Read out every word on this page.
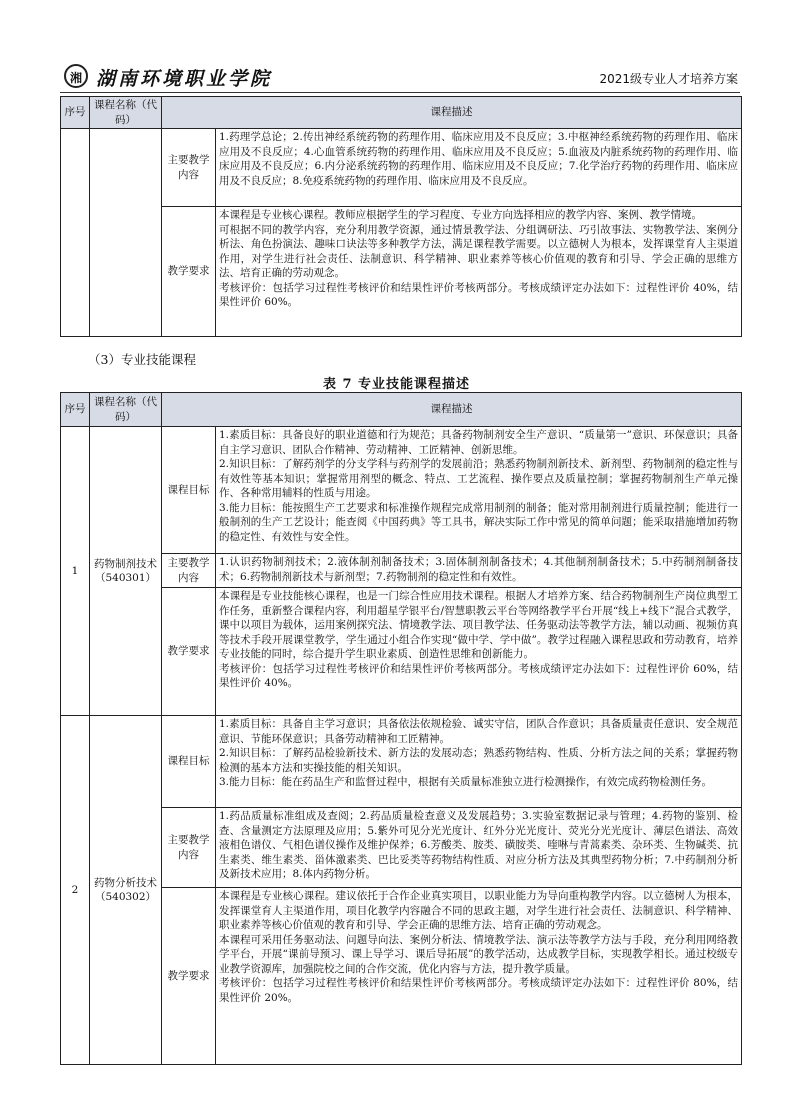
湘 湖南环境职业学院	2021级专业人才培养方案
序号	课程名称（代码）	课程描述	
		主要教学内容	1.药理学总论；2.传出神经系统药物的药理作用、临床应用及不良反应；3.中枢神经系统药物的药理作用、临床应用及不良反应；4.心血管系统药物的药理作用、临床应用及不良反应；5.血液及内脏系统药物的药理作用、临床应用及不良反应；6.内分泌系统药物的药理作用、临床应用及不良反应；7.化学治疗药物的药理作用、临床应用及不良反应；8.免疫系统药物的药理作用、临床应用及不良反应。

		教学要求	本课程是专业核心课程。教师应根据学生的学习程度、专业方向选择相应的教学内容、案例、教学情境。

可根据不同的教学内容，充分利用教学资源，通过情景教学法、分组调研法、巧引故事法、实物教学法、案例分析法、角色扮演法、趣味口诀法等多种教学方法，满足课程教学需要。以立德树人为根本，发挥课堂育人主渠道作用，对学生进行社会责任、法制意识、科学精神、职业素养等核心价值观的教育和引导、学会正确的思维方法、培育正确的劳动观念。

考核评价：包括学习过程性考核评价和结果性评价考核两部分。考核成绩评定办法如下：过程性评价 40%，结果性评价 60%。

（3）专业技能课程
表 7 专业技能课程描述
序号	课程名称（代码）	课程描述	
1	药物制剂技术（540301）	课程目标	1.素质目标：具备良好的职业道德和行为规范；具备药物制剂安全生产意识、“质量第一”意识、环保意识；具备自主学习意识、团队合作精神、劳动精神、工匠精神、创新思维。

2.知识目标：了解药剂学的分支学科与药剂学的发展前沿；熟悉药物制剂新技术、新剂型、药物制剂的稳定性与有效性等基本知识；掌握常用剂型的概念、特点、工艺流程、操作要点及质量控制；掌握药物制剂生产单元操作、各种常用辅料的性质与用途。

3.能力目标：能按照生产工艺要求和标准操作规程完成常用制剂的制备；能对常用制剂进行质量控制；能进行一般制剂的生产工艺设计；能查阅《中国药典》等工具书，解决实际工作中常见的简单问题；能采取措施增加药物的稳定性、有效性与安全性。

		主要教学内容	1.认识药物制剂技术；2.液体制剂制备技术；3.固体制剂制备技术；4.其他制剂制备技术；5.中药制剂制备技术；6.药物制剂新技术与新剂型；7.药物制剂的稳定性和有效性。

		教学要求	本课程是专业技能核心课程，也是一门综合性应用技术课程。根据人才培养方案、结合药物制剂生产岗位典型工作任务，重新整合课程内容，利用超星学银平台/智慧职教云平台等网络教学平台开展“线上+线下”混合式教学，课中以项目为载体，运用案例探究法、情境教学法、项目教学法、任务驱动法等教学方法，辅以动画、视频仿真等技术手段开展课堂教学，学生通过小组合作实现“做中学、学中做”。教学过程融入课程思政和劳动教育，培养专业技能的同时，综合提升学生职业素质、创造性思维和创新能力。

考核评价：包括学习过程性考核评价和结果性评价考核两部分。考核成绩评定办法如下：过程性评价 60%，结果性评价 40%。

2	药物分析技术（540302）	课程目标	1.素质目标：具备自主学习意识；具备依法依规检验、诚实守信，团队合作意识；具备质量责任意识、安全规范意识、节能环保意识；具备劳动精神和工匠精神。

2.知识目标：了解药品检验新技术、新方法的发展动态；熟悉药物结构、性质、分析方法之间的关系；掌握药物检测的基本方法和实操技能的相关知识。

3.能力目标：能在药品生产和监督过程中，根据有关质量标准独立进行检测操作，有效完成药物检测任务。

		主要教学内容	1.药品质量标准组成及查阅；2.药品质量检查意义及发展趋势；3.实验室数据记录与管理；4.药物的鉴别、检查、含量测定方法原理及应用；5.紫外可见分光光度计、红外分光光度计、荧光分光光度计、薄层色谱法、高效液相色谱仪、气相色谱仪操作及维护保养；6.芳酸类、胺类、磺胺类、喹啉与青蒿素类、杂环类、生物碱类、抗生素类、维生素类、甾体激素类、巴比妥类等药物结构性质、对应分析方法及其典型药物分析；7.中药制剂分析及新技术应用；8.体内药物分析。

		教学要求	本课程是专业核心课程。建议依托于合作企业真实项目，以职业能力为导向重构教学内容。以立德树人为根本，发挥课堂育人主渠道作用，项目化教学内容融合不同的思政主题，对学生进行社会责任、法制意识、科学精神、职业素养等核心价值观的教育和引导、学会正确的思维方法、培育正确的劳动观念。

本课程可采用任务驱动法、问题导向法、案例分析法、情境教学法、演示法等教学方法与手段，充分利用网络教学平台，开展“课前导预习、课上导学习、课后导拓展”的教学活动，达成教学目标，实现教学相长。通过校级专业教学资源库，加强院校之间的合作交流，优化内容与方法，提升教学质量。

考核评价：包括学习过程性考核评价和结果性评价考核两部分。考核成绩评定办法如下：过程性评价 80%，结果性评价 20%。
